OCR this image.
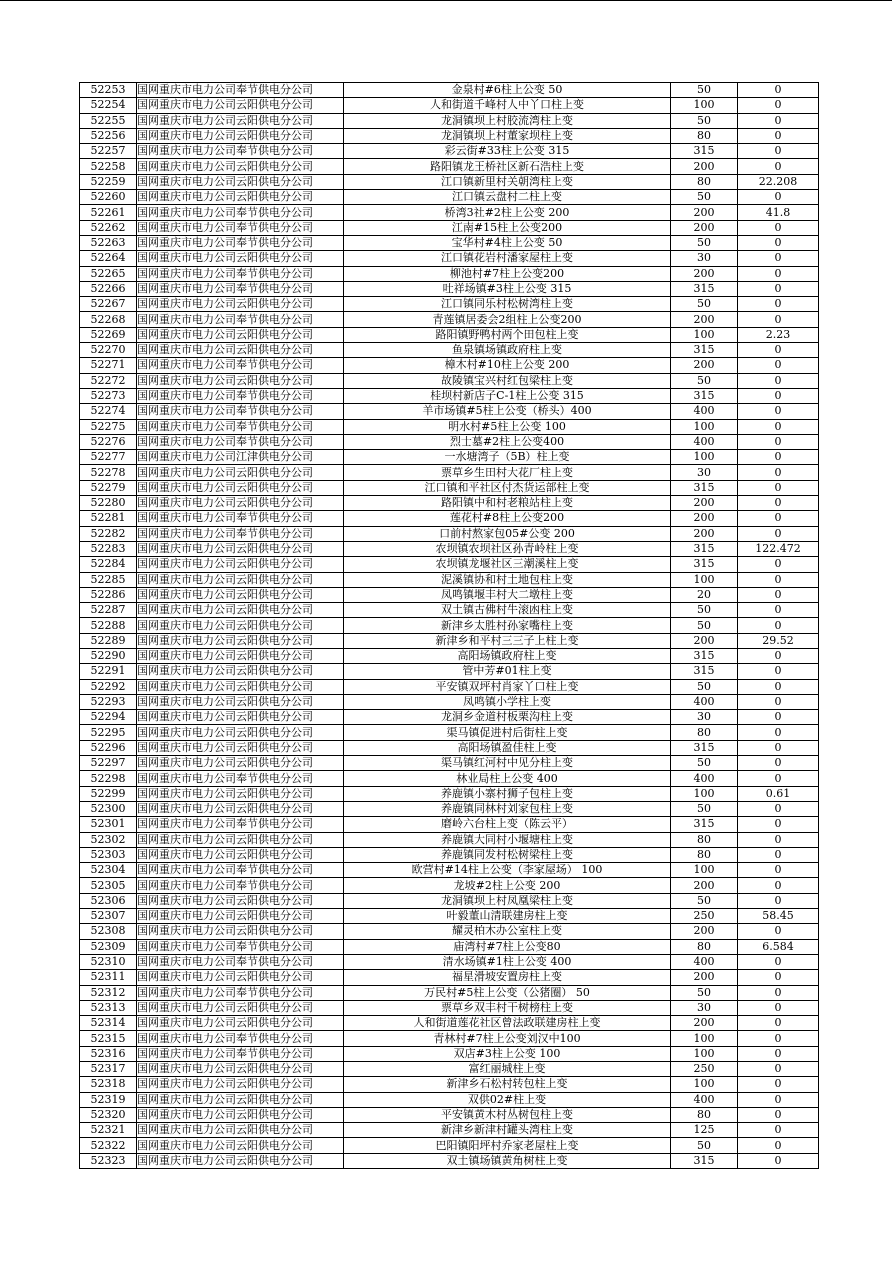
52253	国网重庆市电力公司奉节供电分公司	金泉村#6柱上公变 50	50	0
52254	国网重庆市电力公司云阳供电分公司	人和街道千峰村人中丫口柱上变	100	0
52255	国网重庆市电力公司云阳供电分公司	龙洞镇坝上村胶流湾柱上变	50	0
52256	国网重庆市电力公司云阳供电分公司	龙洞镇坝上村董家坝柱上变	80	0
52257	国网重庆市电力公司奉节供电分公司	彩云街#33柱上公变 315	315	0
52258	国网重庆市电力公司云阳供电分公司	路阳镇龙王桥社区新石浩柱上变	200	0
52259	国网重庆市电力公司云阳供电分公司	江口镇新里村关朝湾柱上变	80	22.208
52260	国网重庆市电力公司云阳供电分公司	江口镇云盘村二柱上变	50	0
52261	国网重庆市电力公司奉节供电分公司	桥湾3社#2柱上公变 200	200	41.8
52262	国网重庆市电力公司奉节供电分公司	江南#15柱上公变200	200	0
52263	国网重庆市电力公司奉节供电分公司	宝华村#4柱上公变 50	50	0
52264	国网重庆市电力公司云阳供电分公司	江口镇花岩村潘家屋柱上变	30	0
52265	国网重庆市电力公司奉节供电分公司	柳池村#7柱上公变200	200	0
52266	国网重庆市电力公司奉节供电分公司	吐祥场镇#3柱上公变 315	315	0
52267	国网重庆市电力公司云阳供电分公司	江口镇同乐村松树湾柱上变	50	0
52268	国网重庆市电力公司奉节供电分公司	青莲镇居委会2组柱上公变200	200	0
52269	国网重庆市电力公司云阳供电分公司	路阳镇野鸭村两个田包柱上变	100	2.23
52270	国网重庆市电力公司云阳供电分公司	鱼泉镇场镇政府柱上变	315	0
52271	国网重庆市电力公司奉节供电分公司	樟木村#10柱上公变 200	200	0
52272	国网重庆市电力公司云阳供电分公司	故陵镇宝兴村红包梁柱上变	50	0
52273	国网重庆市电力公司奉节供电分公司	桂坝村新店子C-1柱上公变 315	315	0
52274	国网重庆市电力公司奉节供电分公司	羊市场镇#5柱上公变（桥头）400	400	0
52275	国网重庆市电力公司奉节供电分公司	明水村#5柱上公变 100	100	0
52276	国网重庆市电力公司奉节供电分公司	烈士墓#2柱上公变400	400	0
52277	国网重庆市电力公司江津供电分公司	一水塘湾子（5B）柱上变	100	0
52278	国网重庆市电力公司云阳供电分公司	票草乡生田村大花厂柱上变	30	0
52279	国网重庆市电力公司云阳供电分公司	江口镇和平社区付杰货运部柱上变	315	0
52280	国网重庆市电力公司云阳供电分公司	路阳镇中和村老粮站柱上变	200	0
52281	国网重庆市电力公司奉节供电分公司	莲花村#8柱上公变200	200	0
52282	国网重庆市电力公司奉节供电分公司	口前村熬家包05#公变 200	200	0
52283	国网重庆市电力公司云阳供电分公司	农坝镇农坝社区孙青岭柱上变	315	122.472
52284	国网重庆市电力公司云阳供电分公司	农坝镇龙堰社区三潮溪柱上变	315	0
52285	国网重庆市电力公司云阳供电分公司	泥溪镇协和村土地包柱上变	100	0
52286	国网重庆市电力公司云阳供电分公司	凤鸣镇堰丰村大二墩柱上变	20	0
52287	国网重庆市电力公司云阳供电分公司	双土镇古佛村牛滚凼柱上变	50	0
52288	国网重庆市电力公司云阳供电分公司	新津乡太胜村孙家嘴柱上变	50	0
52289	国网重庆市电力公司云阳供电分公司	新津乡和平村三三子上柱上变	200	29.52
52290	国网重庆市电力公司云阳供电分公司	高阳场镇政府柱上变	315	0
52291	国网重庆市电力公司云阳供电分公司	管中芳#01柱上变	315	0
52292	国网重庆市电力公司云阳供电分公司	平安镇双坪村肖家丫口柱上变	50	0
52293	国网重庆市电力公司云阳供电分公司	凤鸣镇小学柱上变	400	0
52294	国网重庆市电力公司云阳供电分公司	龙洞乡金道村板栗沟柱上变	30	0
52295	国网重庆市电力公司云阳供电分公司	渠马镇促进村后街柱上变	80	0
52296	国网重庆市电力公司云阳供电分公司	高阳场镇盈佳柱上变	315	0
52297	国网重庆市电力公司云阳供电分公司	渠马镇红河村中见分柱上变	50	0
52298	国网重庆市电力公司奉节供电分公司	林业局柱上公变 400	400	0
52299	国网重庆市电力公司云阳供电分公司	养鹿镇小寨村狮子包柱上变	100	0.61
52300	国网重庆市电力公司云阳供电分公司	养鹿镇同林村刘家包柱上变	50	0
52301	国网重庆市电力公司奉节供电分公司	磨岭六台柱上变（陈云平）	315	0
52302	国网重庆市电力公司云阳供电分公司	养鹿镇大同村小堰塘柱上变	80	0
52303	国网重庆市电力公司云阳供电分公司	养鹿镇同发村松树梁柱上变	80	0
52304	国网重庆市电力公司奉节供电分公司	欧营村#14柱上公变（李家屋场） 100	100	0
52305	国网重庆市电力公司奉节供电分公司	龙坡#2柱上公变 200	200	0
52306	国网重庆市电力公司云阳供电分公司	龙洞镇坝上村凤凰梁柱上变	50	0
52307	国网重庆市电力公司云阳供电分公司	叶毅董山清联建房柱上变	250	58.45
52308	国网重庆市电力公司云阳供电分公司	耀灵柏木办公室柱上变	200	0
52309	国网重庆市电力公司奉节供电分公司	庙湾村#7柱上公变80	80	6.584
52310	国网重庆市电力公司奉节供电分公司	清水场镇#1柱上公变 400	400	0
52311	国网重庆市电力公司云阳供电分公司	福星滑坡安置房柱上变	200	0
52312	国网重庆市电力公司奉节供电分公司	万民村#5柱上公变（公猪圈） 50	50	0
52313	国网重庆市电力公司云阳供电分公司	票草乡双丰村干树榜柱上变	30	0
52314	国网重庆市电力公司云阳供电分公司	人和街道莲花社区曾法政联建房柱上变	200	0
52315	国网重庆市电力公司奉节供电分公司	青林村#7柱上公变刘汉中100	100	0
52316	国网重庆市电力公司奉节供电分公司	双店#3柱上公变 100	100	0
52317	国网重庆市电力公司云阳供电分公司	富红丽城柱上变	250	0
52318	国网重庆市电力公司云阳供电分公司	新津乡石松村转包柱上变	100	0
52319	国网重庆市电力公司云阳供电分公司	双供02#柱上变	400	0
52320	国网重庆市电力公司云阳供电分公司	平安镇黄木村丛树包柱上变	80	0
52321	国网重庆市电力公司云阳供电分公司	新津乡新津村罐头湾柱上变	125	0
52322	国网重庆市电力公司云阳供电分公司	巴阳镇阳坪村乔家老屋柱上变	50	0
52323	国网重庆市电力公司云阳供电分公司	双土镇场镇黄角树柱上变	315	0
